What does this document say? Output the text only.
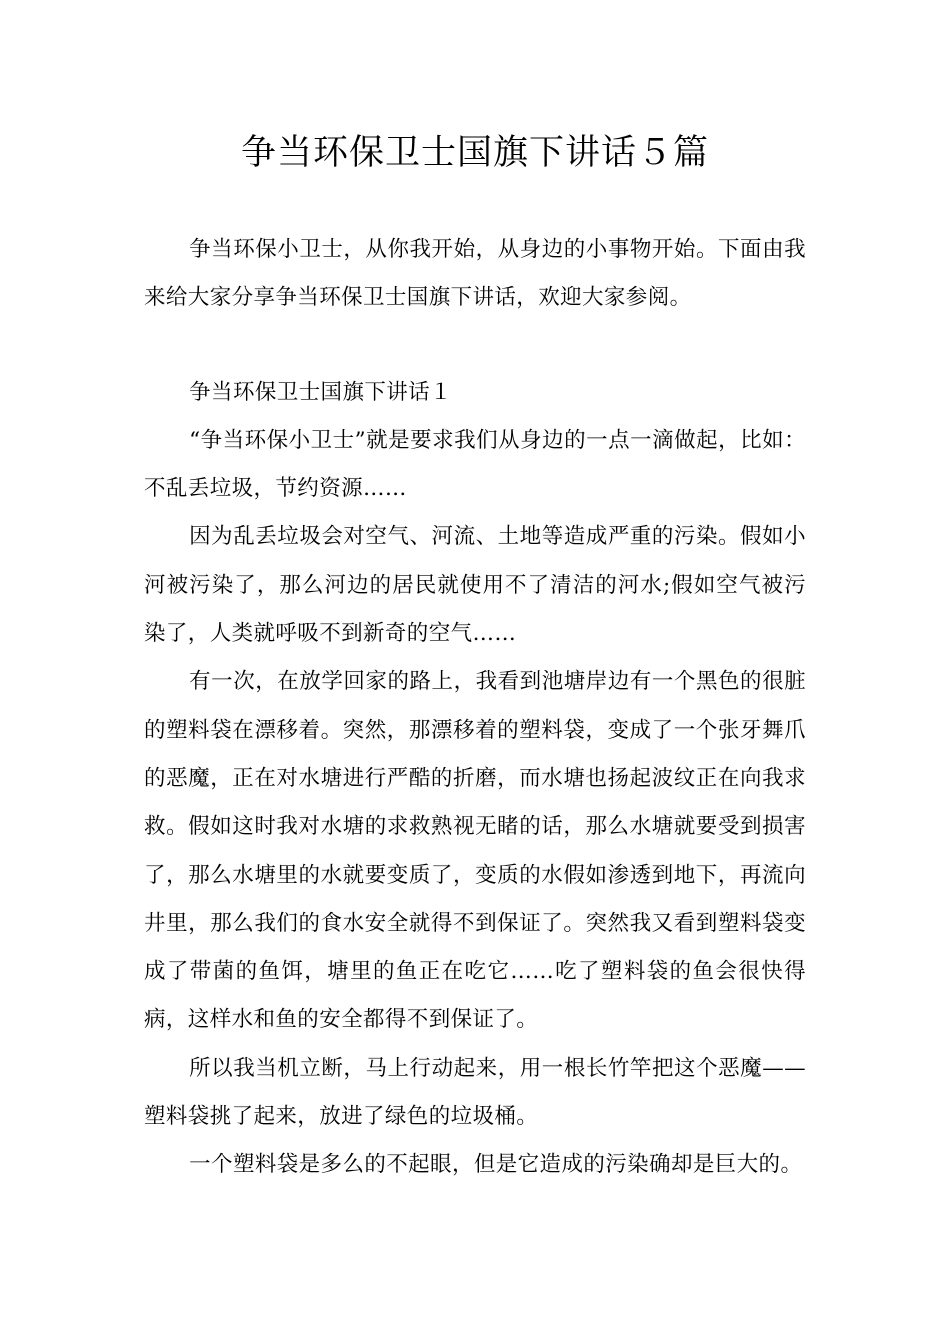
争当环保卫士国旗下讲话５篇

争当环保小卫士，从你我开始，从身边的小事物开始。下面由我来给大家分享争当环保卫士国旗下讲话，欢迎大家参阅。

争当环保卫士国旗下讲话１

“争当环保小卫士”就是要求我们从身边的一点一滴做起，比如：不乱丢垃圾，节约资源……

因为乱丢垃圾会对空气、河流、土地等造成严重的污染。假如小河被污染了，那么河边的居民就使用不了清洁的河水;假如空气被污染了，人类就呼吸不到新奇的空气……

有一次，在放学回家的路上，我看到池塘岸边有一个黑色的很脏的塑料袋在漂移着。突然，那漂移着的塑料袋，变成了一个张牙舞爪的恶魔，正在对水塘进行严酷的折磨，而水塘也扬起波纹正在向我求救。假如这时我对水塘的求救熟视无睹的话，那么水塘就要受到损害了，那么水塘里的水就要变质了，变质的水假如渗透到地下，再流向井里，那么我们的食水安全就得不到保证了。突然我又看到塑料袋变成了带菌的鱼饵，塘里的鱼正在吃它……吃了塑料袋的鱼会很快得病，这样水和鱼的安全都得不到保证了。

所以我当机立断，马上行动起来，用一根长竹竿把这个恶魔——塑料袋挑了起来，放进了绿色的垃圾桶。

一个塑料袋是多么的不起眼，但是它造成的污染确却是巨大的。
